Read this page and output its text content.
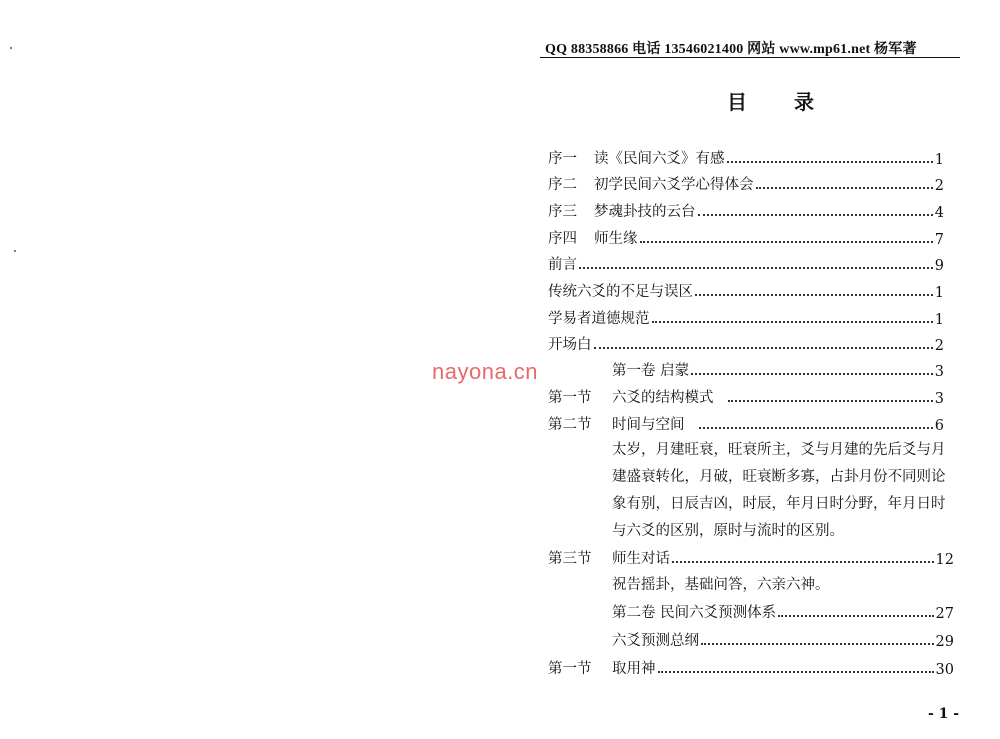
QQ 88358866 电话 13546021400 网站 www.mp61.net 杨军著
目 录
nayona.cn
序一	读《民间六爻》有感	1
序二	初学民间六爻学心得体会	2
序三	梦魂卦技的云台	4
序四	师生缘	7
前言	9
传统六爻的不足与误区	1
学易者道德规范	1
开场白	2
第一卷 启蒙	3
第一节	六爻的结构模式	3
第二节	时间与空间	6
太岁，月建旺衰，旺衰所主，爻与月建的先后爻与月
建盛衰转化，月破，旺衰断多寡，占卦月份不同则论
象有别，日辰吉凶，时辰，年月日时分野，年月日时
与六爻的区别，原时与流时的区别。
第三节	师生对话	12
祝告摇卦，基础问答，六亲六神。
第二卷 民间六爻预测体系	27
六爻预测总纲	29
第一节	取用神	30
- 1 -
